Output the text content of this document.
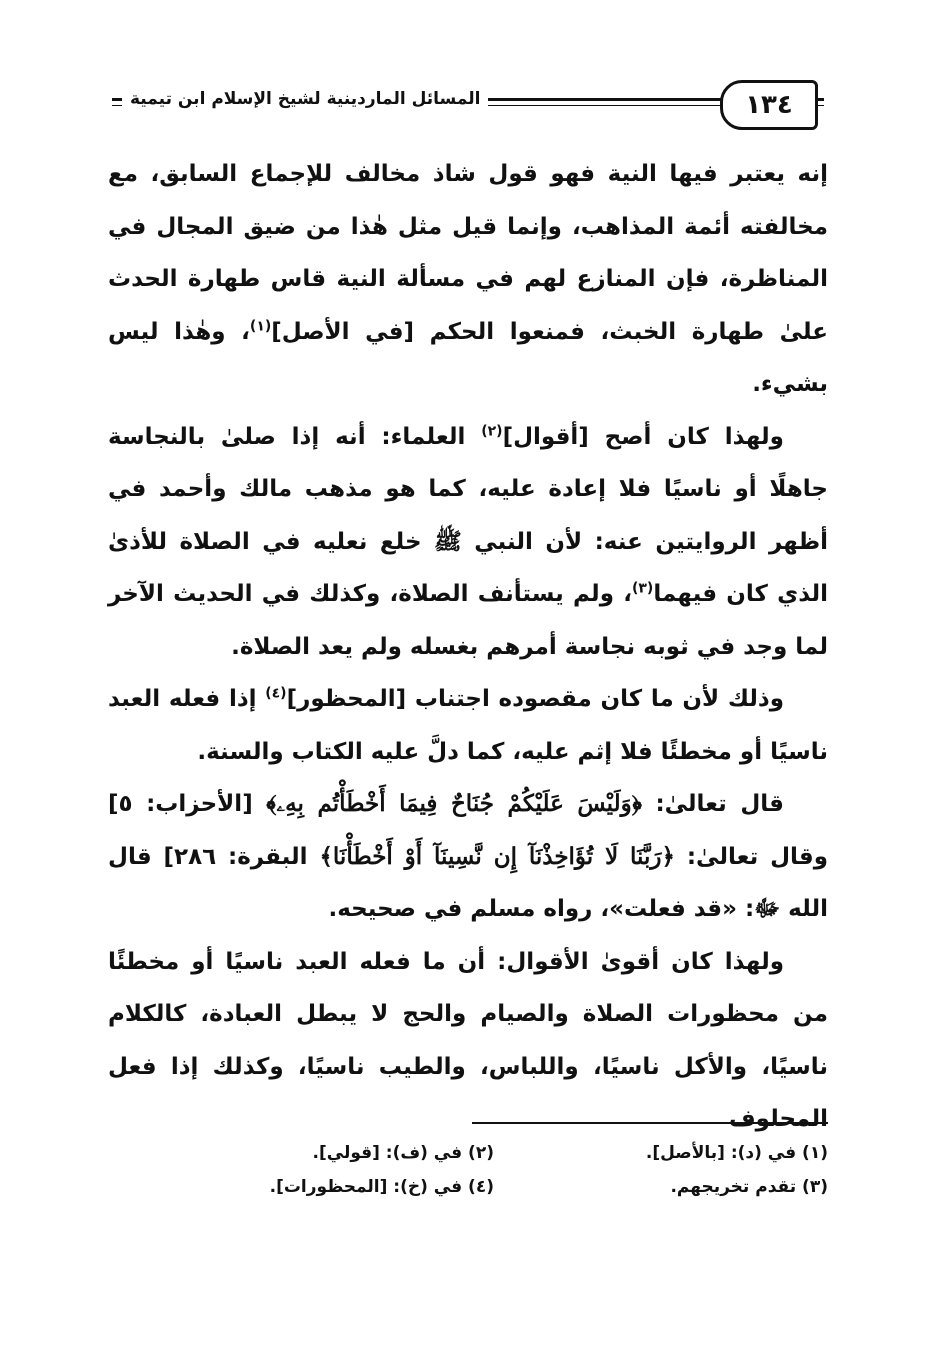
المسائل الماردينية لشيخ الإسلام ابن تيمية	١٣٤

إنه يعتبر فيها النية فهو قول شاذ مخالف للإجماع السابق، مع مخالفته أئمة المذاهب، وإنما قيل مثل هٰذا من ضيق المجال في المناظرة، فإن المنازع لهم في مسألة النية قاس طهارة الحدث علىٰ طهارة الخبث، فمنعوا الحكم [في الأصل]$^{(١)}$، وهٰذا ليس بشيء.

ولهذا كان أصح [أقوال]$^{(٢)}$ العلماء: أنه إذا صلىٰ بالنجاسة جاهلًا أو ناسيًا فلا إعادة عليه، كما هو مذهب مالك وأحمد في أظهر الروايتين عنه: لأن النبي ﷺ خلع نعليه في الصلاة للأذىٰ الذي كان فيهما$^{(٣)}$، ولم يستأنف الصلاة، وكذلك في الحديث الآخر لما وجد في ثوبه نجاسة أمرهم بغسله ولم يعد الصلاة.

وذلك لأن ما كان مقصوده اجتناب [المحظور]$^{(٤)}$ إذا فعله العبد ناسيًا أو مخطئًا فلا إثم عليه، كما دلَّ عليه الكتاب والسنة.

قال تعالىٰ: ﴿وَلَيْسَ عَلَيْكُمْ جُنَاحٌ فِيمَا أَخْطَأْتُم بِهِۦ﴾ [الأحزاب: ٥] وقال تعالىٰ: ﴿رَبَّنَا لَا تُؤَاخِذْنَآ إِن نَّسِينَآ أَوْ أَخْطَأْنَا﴾ البقرة: ٢٨٦] قال الله ﷻ: «قد فعلت»، رواه مسلم في صحيحه.

ولهذا كان أقوىٰ الأقوال: أن ما فعله العبد ناسيًا أو مخطئًا من محظورات الصلاة والصيام والحج لا يبطل العبادة، كالكلام ناسيًا، والأكل ناسيًا، واللباس، والطيب ناسيًا، وكذلك إذا فعل المحلوف

(١) في (د): [بالأصل].
(٢) في (ف): [قولي].
(٣) تقدم تخريجهم.
(٤) في (خ): [المحظورات].
